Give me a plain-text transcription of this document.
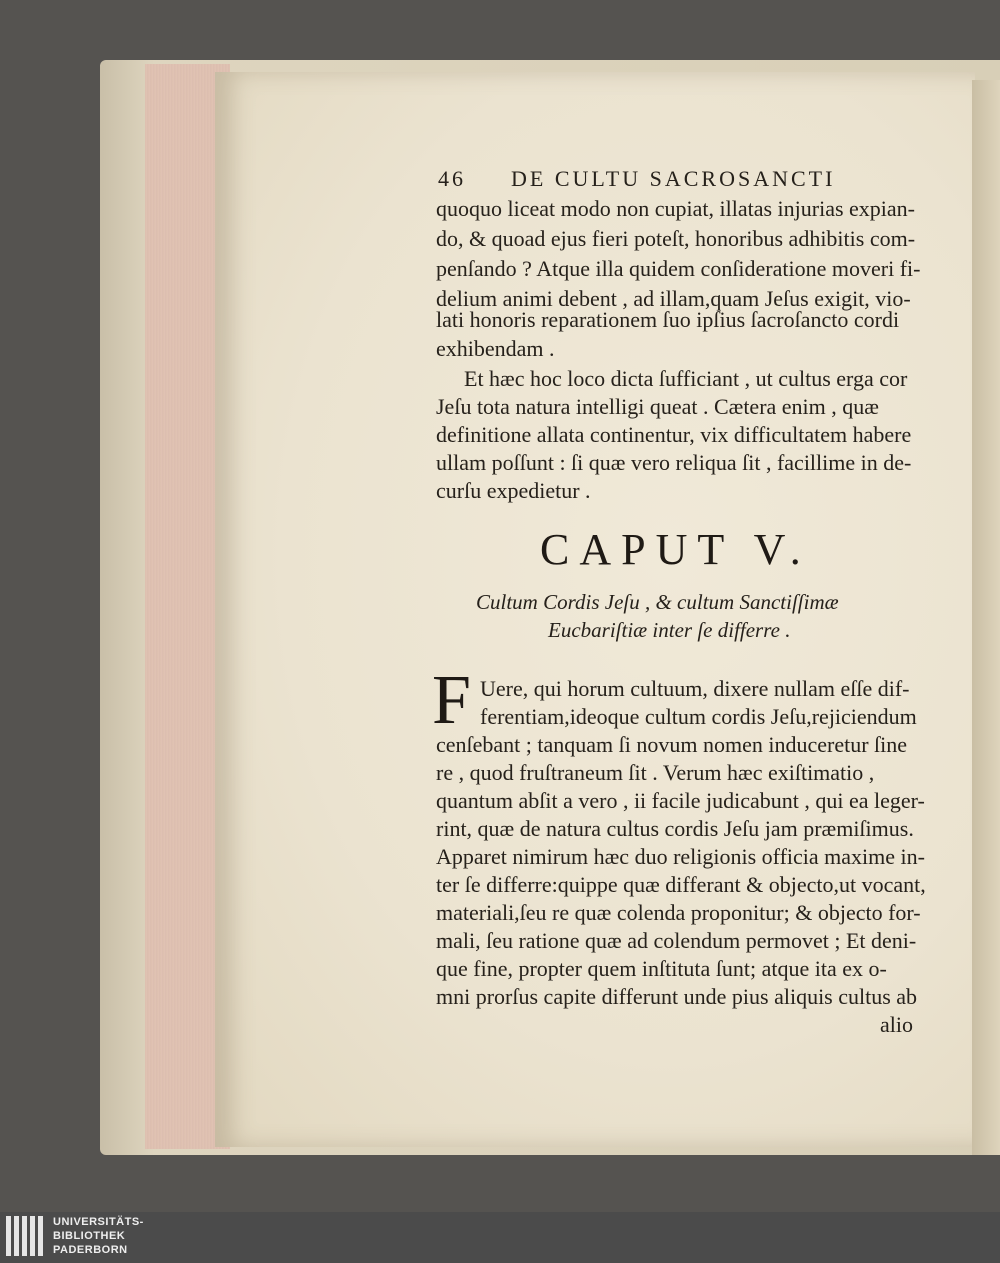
46 DE CULTU SACROSANCTI
quoquo liceat modo non cupiat, illatas injurias expian-
do, & quoad ejus fieri poteſt, honoribus adhibitis com-
penſando ? Atque illa quidem conſideratione moveri fi-
delium animi debent , ad illam,quam Jeſus exigit, vio-
lati honoris reparationem ſuo ipſius ſacroſancto cordi
exhibendam .
Et hæc hoc loco dicta ſufficiant , ut cultus erga cor
Jeſu tota natura intelligi queat . Cætera enim , quæ
definitione allata continentur, vix difficultatem habere
ullam poſſunt : ſi quæ vero reliqua ſit , facillime in de-
curſu expedietur .
CAPUT V.
Cultum Cordis Jeſu , & cultum Sanctiſſimæ
Eucbariſtiæ inter ſe differre .
F Uere, qui horum cultuum, dixere nullam eſſe dif-
ferentiam,ideoque cultum cordis Jeſu,rejiciendum
cenſebant ; tanquam ſi novum nomen induceretur ſine
re , quod fruſtraneum ſit . Verum hæc exiſtimatio ,
quantum abſit a vero , ii facile judicabunt , qui ea leger-
rint, quæ de natura cultus cordis Jeſu jam præmiſimus.
Apparet nimirum hæc duo religionis officia maxime in-
ter ſe differre:quippe quæ differant & objecto,ut vocant,
materiali,ſeu re quæ colenda proponitur; & objecto for-
mali, ſeu ratione quæ ad colendum permovet ; Et deni-
que fine, propter quem inſtituta ſunt; atque ita ex o-
mni prorſus capite differunt unde pius aliquis cultus ab
alio
UNIVERSITÄTS-
BIBLIOTHEK
PADERBORN
